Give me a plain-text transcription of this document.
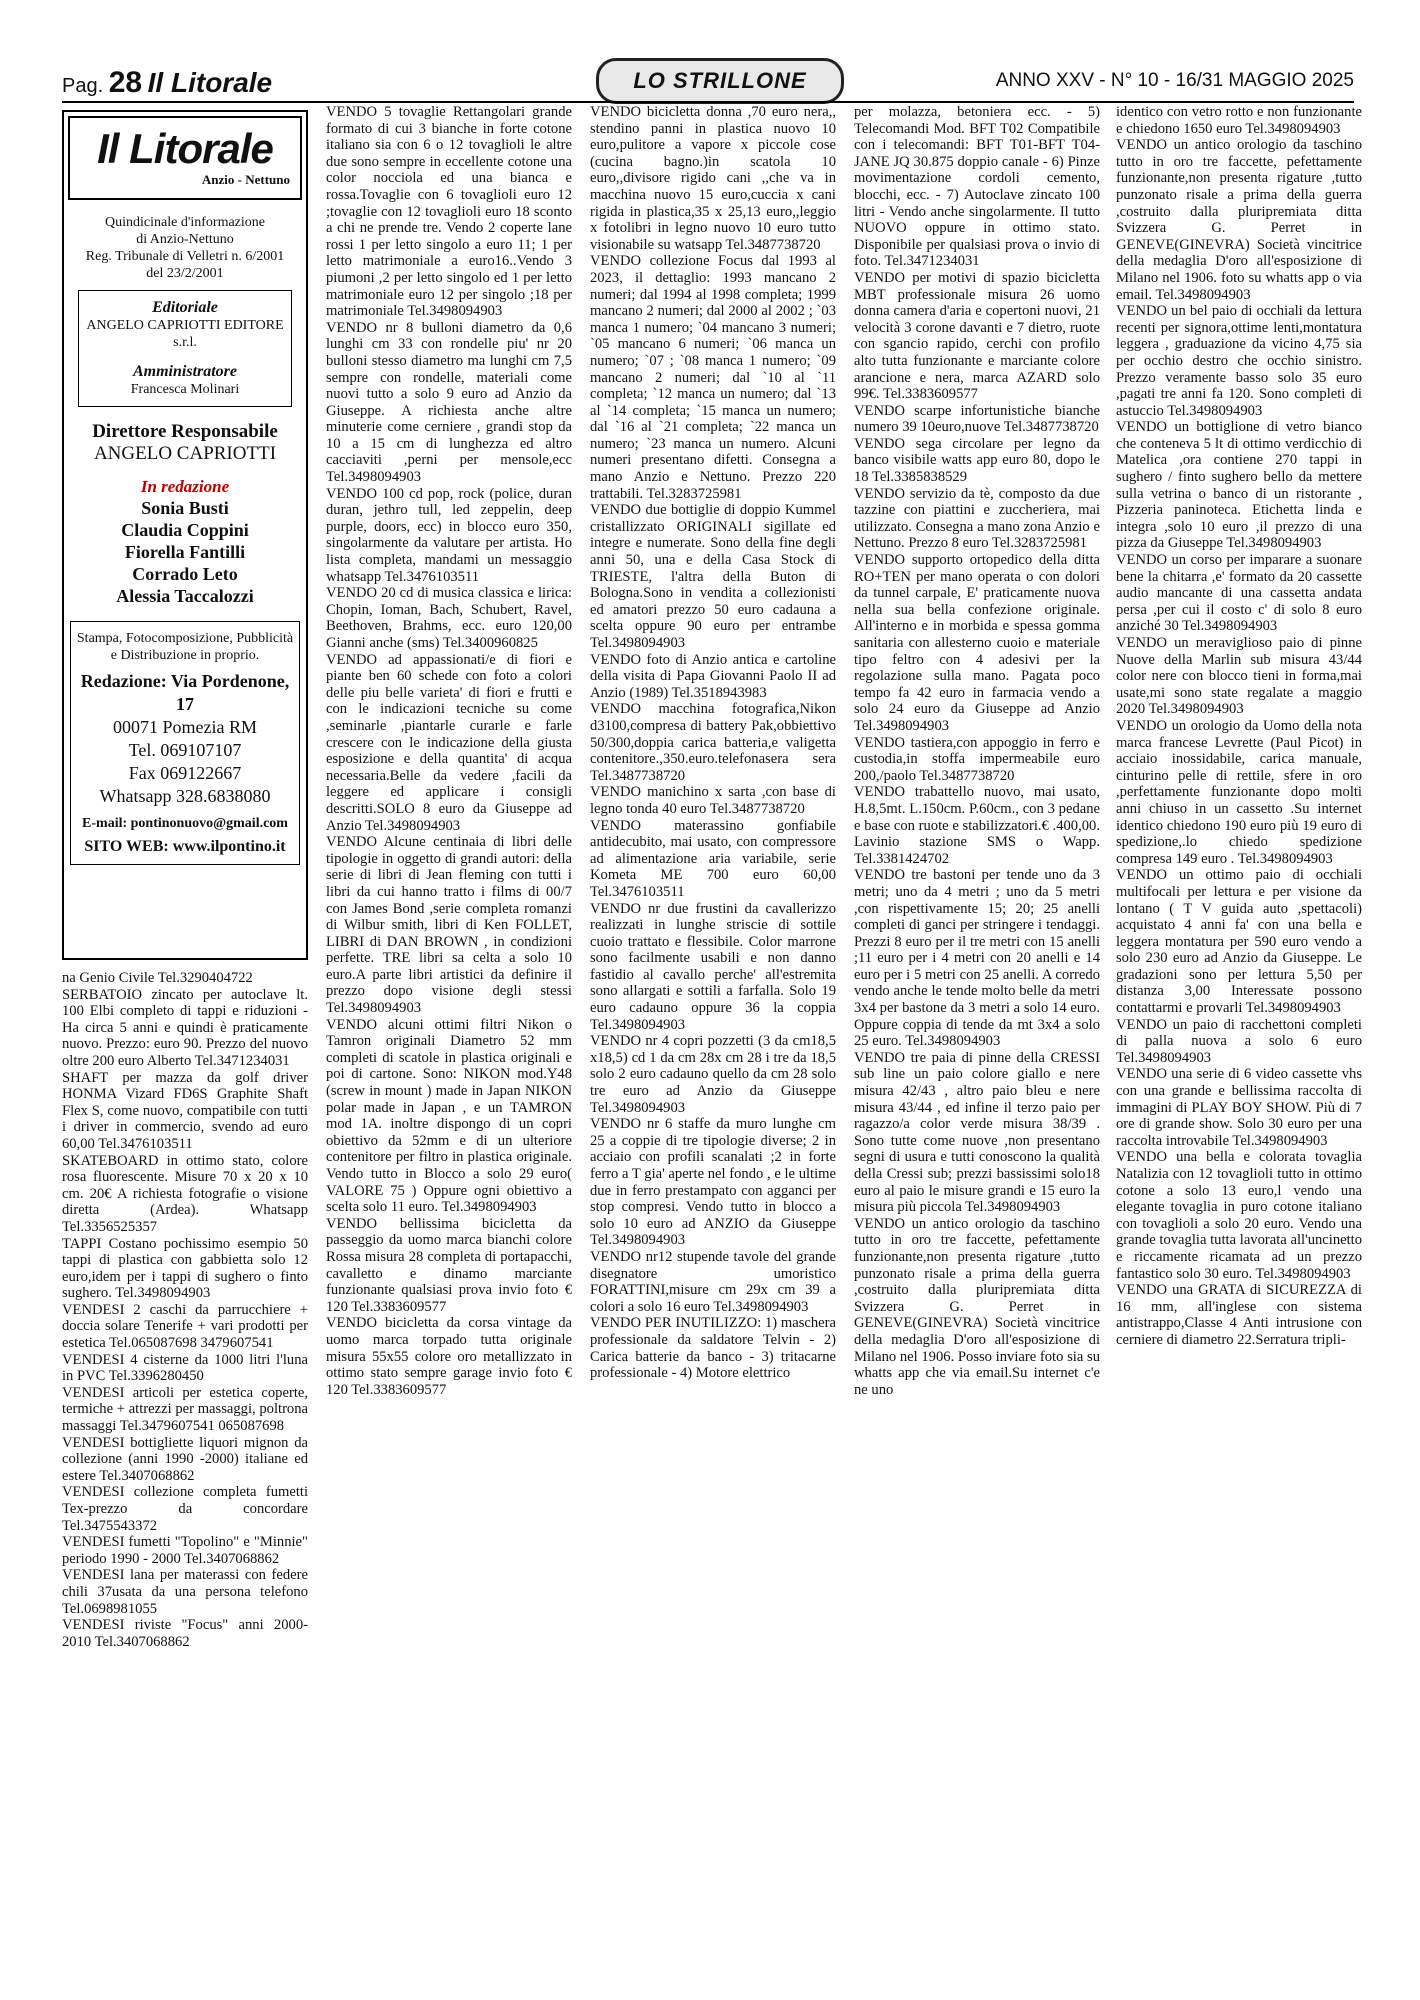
Pag. 28 Il Litorale	LO STRILLONE	ANNO XXV - N° 10 - 16/31 MAGGIO 2025
Il Litorale
Anzio - Nettuno
Quindicinale d'informazione
di Anzio-Nettuno
Reg. Tribunale di Velletri n. 6/2001
del 23/2/2001
Editoriale
ANGELO CAPRIOTTI EDITORE s.r.l.
Amministratore
Francesca Molinari
Direttore Responsabile
ANGELO CAPRIOTTI
In redazione
Sonia Busti
Claudia Coppini
Fiorella Fantilli
Corrado Leto
Alessia Taccalozzi
Stampa, Fotocomposizione, Pubblicità e Distribuzione in proprio.
Redazione: Via Pordenone, 17
00071 Pomezia RM
Tel. 069107107
Fax 069122667
Whatsapp 328.6838080
E-mail: pontinonuovo@gmail.com
SITO WEB: www.ilpontino.it

na Genio Civile Tel.3290404722

SERBATOIO zincato per autoclave lt. 100 Elbi completo di tappi e riduzioni - Ha circa 5 anni e quindi è praticamente nuovo. Prezzo: euro 90. Prezzo del nuovo oltre 200 euro Alberto Tel.3471234031

SHAFT per mazza da golf driver HONMA Vizard FD6S Graphite Shaft Flex S, come nuovo, compatibile con tutti i driver in commercio, svendo ad euro 60,00 Tel.3476103511

SKATEBOARD in ottimo stato, colore rosa fluorescente. Misure 70 x 20 x 10 cm. 20€ A richiesta fotografie o visione diretta (Ardea). Whatsapp Tel.3356525357

TAPPI Costano pochissimo esempio 50 tappi di plastica con gabbietta solo 12 euro,idem per i tappi di sughero o finto sughero. Tel.3498094903

VENDESI 2 caschi da parrucchiere + doccia solare Tenerife + vari prodotti per estetica Tel.065087698 3479607541

VENDESI 4 cisterne da 1000 litri l'luna in PVC Tel.3396280450

VENDESI articoli per estetica coperte, termiche + attrezzi per massaggi, poltrona massaggi Tel.3479607541 065087698

VENDESI bottigliette liquori mignon da collezione (anni 1990 -2000) italiane ed estere Tel.3407068862

VENDESI collezione completa fumetti Tex-prezzo da concordare Tel.3475543372

VENDESI fumetti "Topolino" e "Minnie" periodo 1990 - 2000 Tel.3407068862

VENDESI lana per materassi con federe chili 37usata da una persona telefono Tel.0698981055

VENDESI riviste "Focus" anni 2000-2010 Tel.3407068862

VENDO 5 tovaglie Rettangolari grande formato di cui 3 bianche in forte cotone italiano sia con 6 o 12 tovaglioli le altre due sono sempre in eccellente cotone una color nocciola ed una bianca e rossa.Tovaglie con 6 tovaglioli euro 12 ;tovaglie con 12 tovaglioli euro 18 sconto a chi ne prende tre. Vendo 2 coperte lane rossi 1 per letto singolo a euro 11; 1 per letto matrimoniale a euro16..Vendo 3 piumoni ,2 per letto singolo ed 1 per letto matrimoniale euro 12 per singolo ;18 per matrimoniale Tel.3498094903

VENDO nr 8 bulloni diametro da 0,6 lunghi cm 33 con rondelle piu' nr 20 bulloni stesso diametro ma lunghi cm 7,5 sempre con rondelle, materiali come nuovi tutto a solo 9 euro ad Anzio da Giuseppe. A richiesta anche altre minuterie come cerniere , grandi stop da 10 a 15 cm di lunghezza ed altro cacciaviti ,perni per mensole,ecc Tel.3498094903

VENDO 100 cd pop, rock (police, duran duran, jethro tull, led zeppelin, deep purple, doors, ecc) in blocco euro 350, singolarmente da valutare per artista. Ho lista completa, mandami un messaggio whatsapp Tel.3476103511

VENDO 20 cd di musica classica e lirica: Chopin, Ioman, Bach, Schubert, Ravel, Beethoven, Brahms, ecc. euro 120,00 Gianni anche (sms) Tel.3400960825

VENDO ad appassionati/e di fiori e piante ben 60 schede con foto a colori delle piu belle varieta' di fiori e frutti e con le indicazioni tecniche su come ,seminarle ,piantarle curarle e farle crescere con le indicazione della giusta esposizione e della quantita' di acqua necessaria.Belle da vedere ,facili da leggere ed applicare i consigli descritti.SOLO 8 euro da Giuseppe ad Anzio Tel.3498094903

VENDO Alcune centinaia di libri delle tipologie in oggetto di grandi autori: della serie di libri di Jean fleming con tutti i libri da cui hanno tratto i films di 00/7 con James Bond ,serie completa romanzi di Wilbur smith, libri di Ken FOLLET, LIBRI di DAN BROWN , in condizioni perfette. TRE libri sa celta a solo 10 euro.A parte libri artistici da definire il prezzo dopo visione degli stessi Tel.3498094903

VENDO alcuni ottimi filtri Nikon o Tamron originali Diametro 52 mm completi di scatole in plastica originali e poi di cartone. Sono: NIKON mod.Y48 (screw in mount ) made in Japan NIKON polar made in Japan , e un TAMRON mod 1A. inoltre dispongo di un copri obiettivo da 52mm e di un ulteriore contenitore per filtro in plastica originale. Vendo tutto in Blocco a solo 29 euro( VALORE 75 ) Oppure ogni obiettivo a scelta solo 11 euro. Tel.3498094903

VENDO bellissima bicicletta da passeggio da uomo marca bianchi colore Rossa misura 28 completa di portapacchi, cavalletto e dinamo marciante funzionante qualsiasi prova invio foto € 120 Tel.3383609577

VENDO bicicletta da corsa vintage da uomo marca torpado tutta originale misura 55x55 colore oro metallizzato in ottimo stato sempre garage invio foto € 120 Tel.3383609577

VENDO bicicletta donna ,70 euro nera,, stendino panni in plastica nuovo 10 euro,pulitore a vapore x piccole cose (cucina bagno.)in scatola 10 euro,,divisore rigido cani ,,che va in macchina nuovo 15 euro,cuccia x cani rigida in plastica,35 x 25,13 euro,,leggio x fotolibri in legno nuovo 10 euro tutto visionabile su watsapp Tel.3487738720

VENDO collezione Focus dal 1993 al 2023, il dettaglio: 1993 mancano 2 numeri; dal 1994 al 1998 completa; 1999 mancano 2 numeri; dal 2000 al 2002 ; `03 manca 1 numero; `04 mancano 3 numeri; `05 mancano 6 numeri; `06 manca un numero; `07 ; `08 manca 1 numero; `09 mancano 2 numeri; dal `10 al `11 completa; `12 manca un numero; dal `13 al `14 completa; `15 manca un numero; dal `16 al `21 completa; `22 manca un numero; `23 manca un numero. Alcuni numeri presentano difetti. Consegna a mano Anzio e Nettuno. Prezzo 220 trattabili. Tel.3283725981

VENDO due bottiglie di doppio Kummel cristallizzato ORIGINALI sigillate ed integre e numerate. Sono della fine degli anni 50, una e della Casa Stock di TRIESTE, l'altra della Buton di Bologna.Sono in vendita a collezionisti ed amatori prezzo 50 euro cadauna a scelta oppure 90 euro per entrambe Tel.3498094903

VENDO foto di Anzio antica e cartoline della visita di Papa Giovanni Paolo II ad Anzio (1989) Tel.3518943983

VENDO macchina fotografica,Nikon d3100,compresa di battery Pak,obbiettivo 50/300,doppia carica batteria,e valigetta contenitore.,350.euro.telefonasera sera Tel.3487738720

VENDO manichino x sarta ,con base di legno tonda 40 euro Tel.3487738720

VENDO materassino gonfiabile antidecubito, mai usato, con compressore ad alimentazione aria variabile, serie Kometa ME 700 euro 60,00 Tel.3476103511

VENDO nr due frustini da cavallerizzo realizzati in lunghe striscie di sottile cuoio trattato e flessibile. Color marrone sono facilmente usabili e non danno fastidio al cavallo perche' all'estremita sono allargati e sottili a farfalla. Solo 19 euro cadauno oppure 36 la coppia Tel.3498094903

VENDO nr 4 copri pozzetti (3 da cm18,5 x18,5) cd 1 da cm 28x cm 28 i tre da 18,5 solo 2 euro cadauno quello da cm 28 solo tre euro ad Anzio da Giuseppe Tel.3498094903

VENDO nr 6 staffe da muro lunghe cm 25 a coppie di tre tipologie diverse; 2 in acciaio con profili scanalati ;2 in forte ferro a T gia' aperte nel fondo , e le ultime due in ferro prestampato con agganci per stop compresi. Vendo tutto in blocco a solo 10 euro ad ANZIO da Giuseppe Tel.3498094903

VENDO nr12 stupende tavole del grande disegnatore umoristico FORATTINI,misure cm 29x cm 39 a colori a solo 16 euro Tel.3498094903

VENDO PER INUTILIZZO: 1) maschera professionale da saldatore Telvin - 2) Carica batterie da banco - 3) tritacarne professionale - 4) Motore elettrico

per molazza, betoniera ecc. - 5) Telecomandi Mod. BFT T02 Compatibile con i telecomandi: BFT T01-BFT T04-JANE JQ 30.875 doppio canale - 6) Pinze movimentazione cordoli cemento, blocchi, ecc. - 7) Autoclave zincato 100 litri - Vendo anche singolarmente. Il tutto NUOVO oppure in ottimo stato. Disponibile per qualsiasi prova o invio di foto. Tel.3471234031

VENDO per motivi di spazio bicicletta MBT professionale misura 26 uomo donna camera d'aria e copertoni nuovi, 21 velocità 3 corone davanti e 7 dietro, ruote con sgancio rapido, cerchi con profilo alto tutta funzionante e marciante colore arancione e nera, marca AZARD solo 99€. Tel.3383609577

VENDO scarpe infortunistiche bianche numero 39 10euro,nuove Tel.3487738720

VENDO sega circolare per legno da banco visibile watts app euro 80, dopo le 18 Tel.3385838529

VENDO servizio da tè, composto da due tazzine con piattini e zuccheriera, mai utilizzato. Consegna a mano zona Anzio e Nettuno. Prezzo 8 euro Tel.3283725981

VENDO supporto ortopedico della ditta RO+TEN per mano operata o con dolori da tunnel carpale, E' praticamente nuova nella sua bella confezione originale. All'interno e in morbida e spessa gomma sanitaria con allesterno cuoio e materiale tipo feltro con 4 adesivi per la regolazione sulla mano. Pagata poco tempo fa 42 euro in farmacia vendo a solo 24 euro da Giuseppe ad Anzio Tel.3498094903

VENDO tastiera,con appoggio in ferro e custodia,in stoffa impermeabile euro 200,/paolo Tel.3487738720

VENDO trabattello nuovo, mai usato, H.8,5mt. L.150cm. P.60cm., con 3 pedane e base con ruote e stabilizzatori.€ .400,00. Lavinio stazione SMS o Wapp. Tel.3381424702

VENDO tre bastoni per tende uno da 3 metri; uno da 4 metri ; uno da 5 metri ,con rispettivamente 15; 20; 25 anelli completi di ganci per stringere i tendaggi. Prezzi 8 euro per il tre metri con 15 anelli ;11 euro per i 4 metri con 20 anelli e 14 euro per i 5 metri con 25 anelli. A corredo vendo anche le tende molto belle da metri 3x4 per bastone da 3 metri a solo 14 euro. Oppure coppia di tende da mt 3x4 a solo 25 euro. Tel.3498094903

VENDO tre paia di pinne della CRESSI sub line un paio colore giallo e nere misura 42/43 , altro paio bleu e nere misura 43/44 , ed infine il terzo paio per ragazzo/a color verde misura 38/39 . Sono tutte come nuove ,non presentano segni di usura e tutti conoscono la qualità della Cressi sub; prezzi bassissimi solo18 euro al paio le misure grandi e 15 euro la misura più piccola Tel.3498094903

VENDO un antico orologio da taschino tutto in oro tre faccette, pefettamente funzionante,non presenta rigature ,tutto punzonato risale a prima della guerra ,costruito dalla pluripremiata ditta Svizzera G. Perret in GENEVE(GINEVRA) Società vincitrice della medaglia D'oro all'esposizione di Milano nel 1906. Posso inviare foto sia su whatts app che via email.Su internet c'e ne uno

identico con vetro rotto e non funzionante e chiedono 1650 euro Tel.3498094903

VENDO un antico orologio da taschino tutto in oro tre faccette, pefettamente funzionante,non presenta rigature ,tutto punzonato risale a prima della guerra ,costruito dalla pluripremiata ditta Svizzera G. Perret in GENEVE(GINEVRA) Società vincitrice della medaglia D'oro all'esposizione di Milano nel 1906. foto su whatts app o via email. Tel.3498094903

VENDO un bel paio di occhiali da lettura recenti per signora,ottime lenti,montatura leggera , graduazione da vicino 4,75 sia per occhio destro che occhio sinistro. Prezzo veramente basso solo 35 euro ,pagati tre anni fa 120. Sono completi di astuccio Tel.3498094903

VENDO un bottiglione di vetro bianco che conteneva 5 lt di ottimo verdicchio di Matelica ,ora contiene 270 tappi in sughero / finto sughero bello da mettere sulla vetrina o banco di un ristorante , Pizzeria paninoteca. Etichetta linda e integra ,solo 10 euro ,il prezzo di una pizza da Giuseppe Tel.3498094903

VENDO un corso per imparare a suonare bene la chitarra ,e' formato da 20 cassette audio mancante di una cassetta andata persa ,per cui il costo c' di solo 8 euro anziché 30 Tel.3498094903

VENDO un meraviglioso paio di pinne Nuove della Marlin sub misura 43/44 color nere con blocco tieni in forma,mai usate,mi sono state regalate a maggio 2020 Tel.3498094903

VENDO un orologio da Uomo della nota marca francese Levrette (Paul Picot) in acciaio inossidabile, carica manuale, cinturino pelle di rettile, sfere in oro ,perfettamente funzionante dopo molti anni chiuso in un cassetto .Su internet identico chiedono 190 euro più 19 euro di spedizione,.lo chiedo spedizione compresa 149 euro . Tel.3498094903

VENDO un ottimo paio di occhiali multifocali per lettura e per visione da lontano ( T V guida auto ,spettacoli) acquistato 4 anni fa' con una bella e leggera montatura per 590 euro vendo a solo 230 euro ad Anzio da Giuseppe. Le gradazioni sono per lettura 5,50 per distanza 3,00 Interessate possono contattarmi e provarli Tel.3498094903

VENDO un paio di racchettoni completi di palla nuova a solo 6 euro Tel.3498094903

VENDO una serie di 6 video cassette vhs con una grande e bellissima raccolta di immagini di PLAY BOY SHOW. Più di 7 ore di grande show. Solo 30 euro per una raccolta introvabile Tel.3498094903

VENDO una bella e colorata tovaglia Natalizia con 12 tovaglioli tutto in ottimo cotone a solo 13 euro,l vendo una elegante tovaglia in puro cotone italiano con tovaglioli a solo 20 euro. Vendo una grande tovaglia tutta lavorata all'uncinetto e riccamente ricamata ad un prezzo fantastico solo 30 euro. Tel.3498094903

VENDO una GRATA di SICUREZZA di 16 mm, all'inglese con sistema antistrappo,Classe 4 Anti intrusione con cerniere di diametro 22.Serratura tripli-
